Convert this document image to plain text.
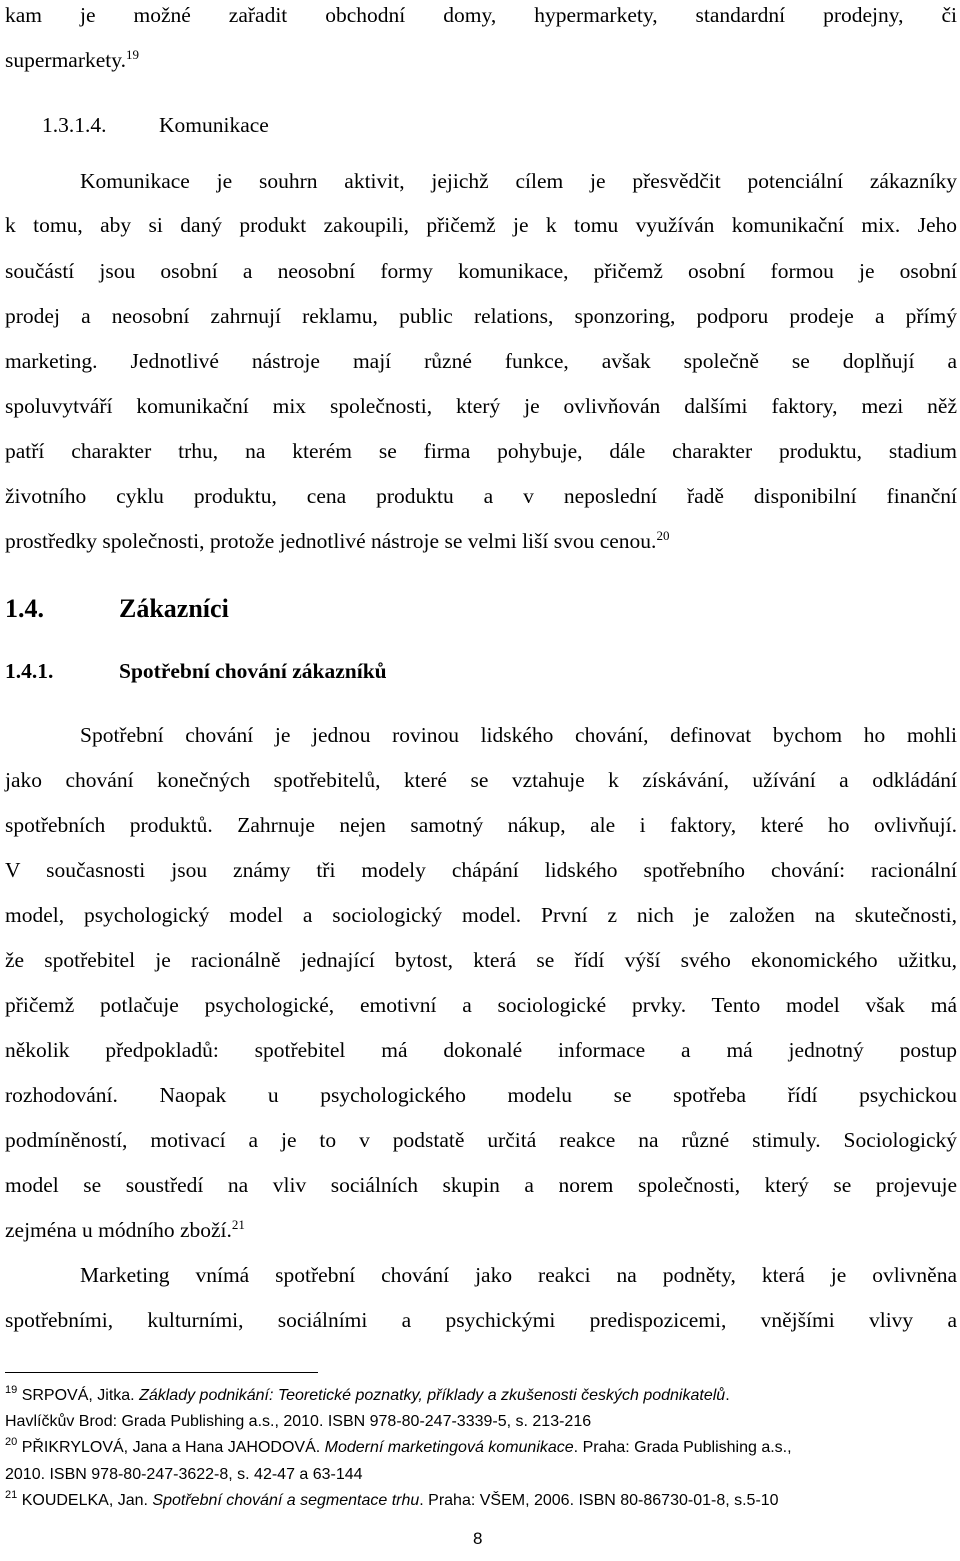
kam je možné zařadit obchodní domy, hypermarkety, standardní prodejny, či
supermarkety.$^{19}$
1.3.1.4. Komunikace
Komunikace je souhrn aktivit, jejichž cílem je přesvědčit potenciální zákazníky
k tomu, aby si daný produkt zakoupili, přičemž je k tomu využíván komunikační mix. Jeho
součástí jsou osobní a neosobní formy komunikace, přičemž osobní formou je osobní
prodej a neosobní zahrnují reklamu, public relations, sponzoring, podporu prodeje a přímý
marketing. Jednotlivé nástroje mají různé funkce, avšak společně se doplňují a
spoluvytváří komunikační mix společnosti, který je ovlivňován dalšími faktory, mezi něž
patří charakter trhu, na kterém se firma pohybuje, dále charakter produktu, stadium
životního cyklu produktu, cena produktu a v neposlední řadě disponibilní finanční
prostředky společnosti, protože jednotlivé nástroje se velmi liší svou cenou.$^{20}$
1.4.	Zákazníci
1.4.1.	Spotřební chování zákazníků
Spotřební chování je jednou rovinou lidského chování, definovat bychom ho mohli
jako chování konečných spotřebitelů, které se vztahuje k získávání, užívání a odkládání
spotřebních produktů. Zahrnuje nejen samotný nákup, ale i faktory, které ho ovlivňují.
V současnosti jsou známy tři modely chápání lidského spotřebního chování: racionální
model, psychologický model a sociologický model. První z nich je založen na skutečnosti,
že spotřebitel je racionálně jednající bytost, která se řídí výší svého ekonomického užitku,
přičemž potlačuje psychologické, emotivní a sociologické prvky. Tento model však má
několik předpokladů: spotřebitel má dokonalé informace a má jednotný postup
rozhodování. Naopak u psychologického modelu se spotřeba řídí psychickou
podmíněností, motivací a je to v podstatě určitá reakce na různé stimuly. Sociologický
model se soustředí na vliv sociálních skupin a norem společnosti, který se projevuje
zejména u módního zboží.$^{21}$
Marketing vnímá spotřební chování jako reakci na podněty, která je ovlivněna
spotřebními, kulturními, sociálními a psychickými predispozicemi, vnějšími vlivy a
$^{19}$ SRPOVÁ, Jitka. Základy podnikání: Teoretické poznatky, příklady a zkušenosti českých podnikatelů.
Havlíčkův Brod: Grada Publishing a.s., 2010. ISBN 978-80-247-3339-5, s. 213-216
$^{20}$ PŘIKRYLOVÁ, Jana a Hana JAHODOVÁ. Moderní marketingová komunikace. Praha: Grada Publishing a.s.,
2010. ISBN 978-80-247-3622-8, s. 42-47 a 63-144
$^{21}$ KOUDELKA, Jan. Spotřební chování a segmentace trhu. Praha: VŠEM, 2006. ISBN 80-86730-01-8, s.5-10
8
